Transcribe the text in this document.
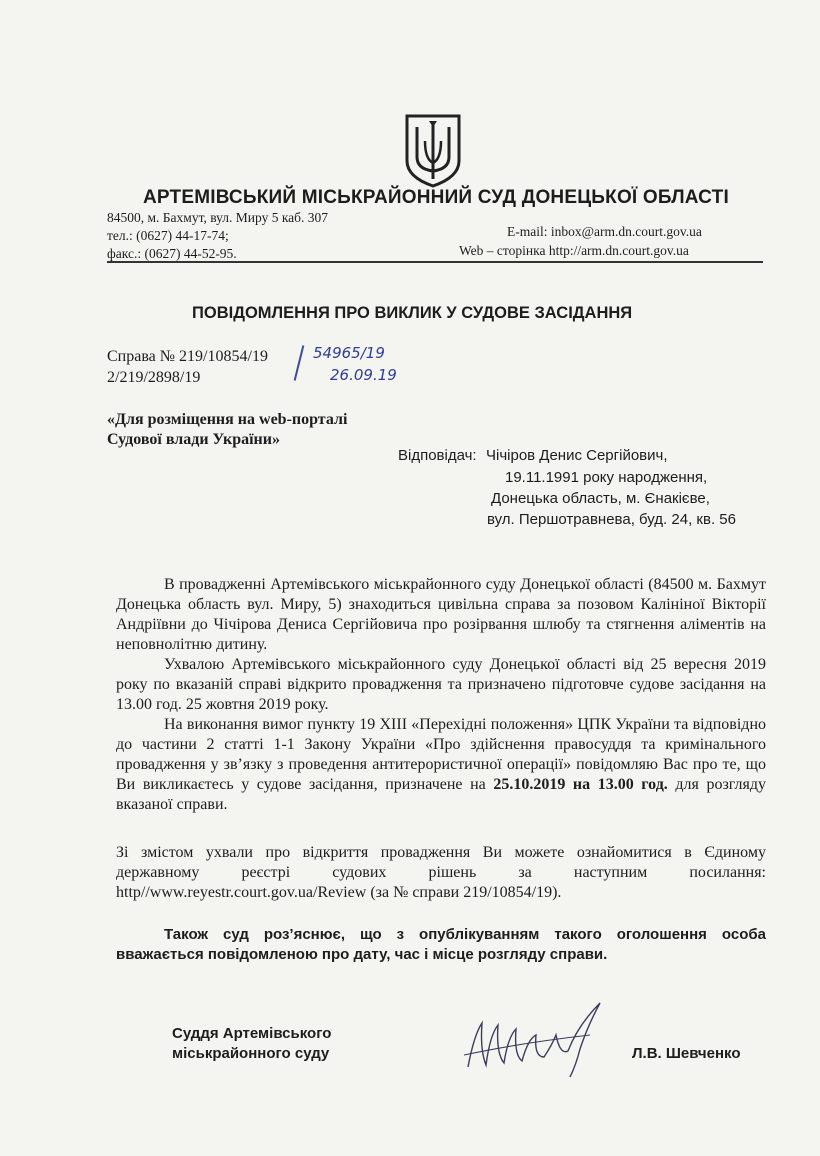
АРТЕМІВСЬКИЙ МІСЬКРАЙОННИЙ СУД ДОНЕЦЬКОЇ ОБЛАСТІ
84500, м. Бахмут, вул. Миру 5 каб. 307
тел.: (0627) 44-17-74;
факс.: (0627) 44-52-95.
E-mail: inbox@arm.dn.court.gov.ua
Web – сторінка http://arm.dn.court.gov.ua
ПОВІДОМЛЕННЯ ПРО ВИКЛИК У СУДОВЕ ЗАСІДАННЯ
Справа № 219/10854/19
2/219/2898/19
54965/19
26.09.19
«Для розміщення на web-порталі
Судової влади України»
Відповідач: Чічіров Денис Сергійович,
19.11.1991 року народження,
Донецька область, м. Єнакієве,
вул. Першотравнева, буд. 24, кв. 56

В провадженні Артемівського міськрайонного суду Донецької області (84500 м. Бахмут Донецька область вул. Миру, 5) знаходиться цивільна справа за позовом Калініної Вікторії Андріївни до Чічірова Дениса Сергійовича про розірвання шлюбу та стягнення аліментів на неповнолітню дитину.

Ухвалою Артемівського міськрайонного суду Донецької області від 25 вересня 2019 року по вказаній справі відкрито провадження та призначено підготовче судове засідання на 13.00 год. 25 жовтня 2019 року.

На виконання вимог пункту 19 ХІІІ «Перехідні положення» ЦПК України та відповідно до частини 2 статті 1-1 Закону України «Про здійснення правосуддя та кримінального провадження у зв’язку з проведення антитерористичної операції» повідомляю Вас про те, що Ви викликаєтесь у судове засідання, призначене на 25.10.2019 на 13.00 год. для розгляду вказаної справи.

Зі змістом ухвали про відкриття провадження Ви можете ознайомитися в Єдиному державному реєстрі судових рішень за наступним посилання: http//www.reyestr.court.gov.ua/Review (за № справи 219/10854/19).

Також суд роз’яснює, що з опублікуванням такого оголошення особа вважається повідомленою про дату, час і місце розгляду справи.

Суддя Артемівського
міськрайонного суду	Л.В. Шевченко
